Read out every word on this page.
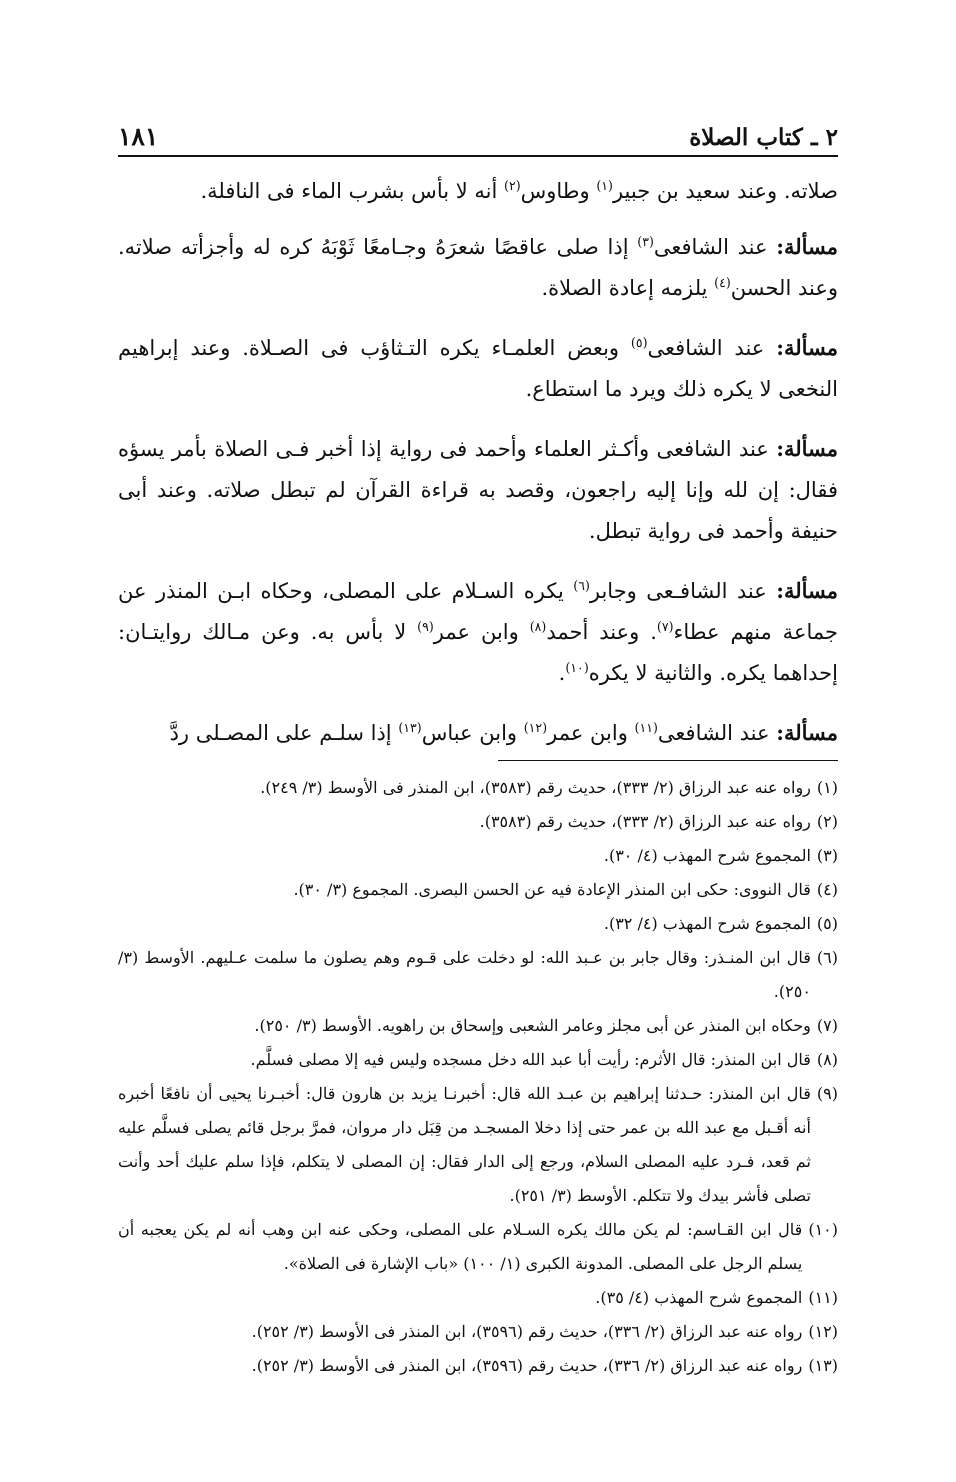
٢ ـ كتاب الصلاة
١٨١

صلاته. وعند سعيد بن جبير$^{(١)}$ وطاوس$^{(٢)}$ أنه لا بأس بشرب الماء فى النافلة.

مسألة: عند الشافعى$^{(٣)}$ إذا صلى عاقصًا شعرَهُ وجـامعًا ثَوْبَهُ كره له وأجزأته صلاته. وعند الحسن$^{(٤)}$ يلزمه إعادة الصلاة.

مسألة: عند الشافعى$^{(٥)}$ وبعض العلمـاء يكره التـثاؤب فى الصـلاة. وعند إبراهيم النخعى لا يكره ذلك ويرد ما استطاع.

مسألة: عند الشافعى وأكـثر العلماء وأحمد فى رواية إذا أخبر فـى الصلاة بأمر يسؤه فقال: إن لله وإنا إليه راجعون، وقصد به قراءة القرآن لم تبطل صلاته. وعند أبى حنيفة وأحمد فى رواية تبطل.

مسألة: عند الشافـعى وجابر$^{(٦)}$ يكره السـلام على المصلى، وحكاه ابـن المنذر عن جماعة منهم عطاء$^{(٧)}$. وعند أحمد$^{(٨)}$ وابن عمر$^{(٩)}$ لا بأس به. وعن مـالك روايتـان: إحداهما يكره. والثانية لا يكره$^{(١٠)}$.

مسألة: عند الشافعى$^{(١١)}$ وابن عمر$^{(١٢)}$ وابن عباس$^{(١٣)}$ إذا سلـم على المصـلى ردَّ

(١)
رواه عنه عبد الرزاق (٢/ ٣٣٣)، حديث رقم (٣٥٨٣)، ابن المنذر فى الأوسط (٣/ ٢٤٩).
(٢)
رواه عنه عبد الرزاق (٢/ ٣٣٣)، حديث رقم (٣٥٨٣).
(٣)
المجموع شرح المهذب (٤/ ٣٠).
(٤)
قال النووى: حكى ابن المنذر الإعادة فيه عن الحسن البصرى. المجموع (٣/ ٣٠).
(٥)
المجموع شرح المهذب (٤/ ٣٢).
(٦)
قال ابن المنـذر: وقال جابر بن عـبد الله: لو دخلت على قـوم وهم يصلون ما سلمت عـليهم. الأوسط (٣/ ٢٥٠).
(٧)
وحكاه ابن المنذر عن أبى مجلز وعامر الشعبى وإسحاق بن راهويه. الأوسط (٣/ ٢٥٠).
(٨)
قال ابن المنذر: قال الأثرم: رأيت أبا عبد الله دخل مسجده وليس فيه إلا مصلى فسلَّم.
(٩)
قال ابن المنذر: حـدثنا إبراهيم بن عبـد الله قال: أخبرنـا يزيد بن هارون قال: أخبـرنا يحيى أن نافعًا أخبره أنه أقـبل مع عبد الله بن عمر حتى إذا دخلا المسجـد من قِبَل دار مروان، فمرَّ برجل قائم يصلى فسلَّم عليه ثم قعد، فـرد عليه المصلى السلام، ورجع إلى الدار فقال: إن المصلى لا يتكلم، فإذا سلم عليك أحد وأنت تصلى فأشر بيدك ولا تتكلم. الأوسط (٣/ ٢٥١).
(١٠)
قال ابن القـاسم: لم يكن مالك يكره السـلام على المصلى، وحكى عنه ابن وهب أنه لم يكن يعجبه أن يسلم الرجل على المصلى. المدونة الكبرى (١/ ١٠٠) «باب الإشارة فى الصلاة».
(١١)
المجموع شرح المهذب (٤/ ٣٥).
(١٢)
رواه عنه عبد الرزاق (٢/ ٣٣٦)، حديث رقم (٣٥٩٦)، ابن المنذر فى الأوسط (٣/ ٢٥٢).
(١٣)
رواه عنه عبد الرزاق (٢/ ٣٣٦)، حديث رقم (٣٥٩٦)، ابن المنذر فى الأوسط (٣/ ٢٥٢).
